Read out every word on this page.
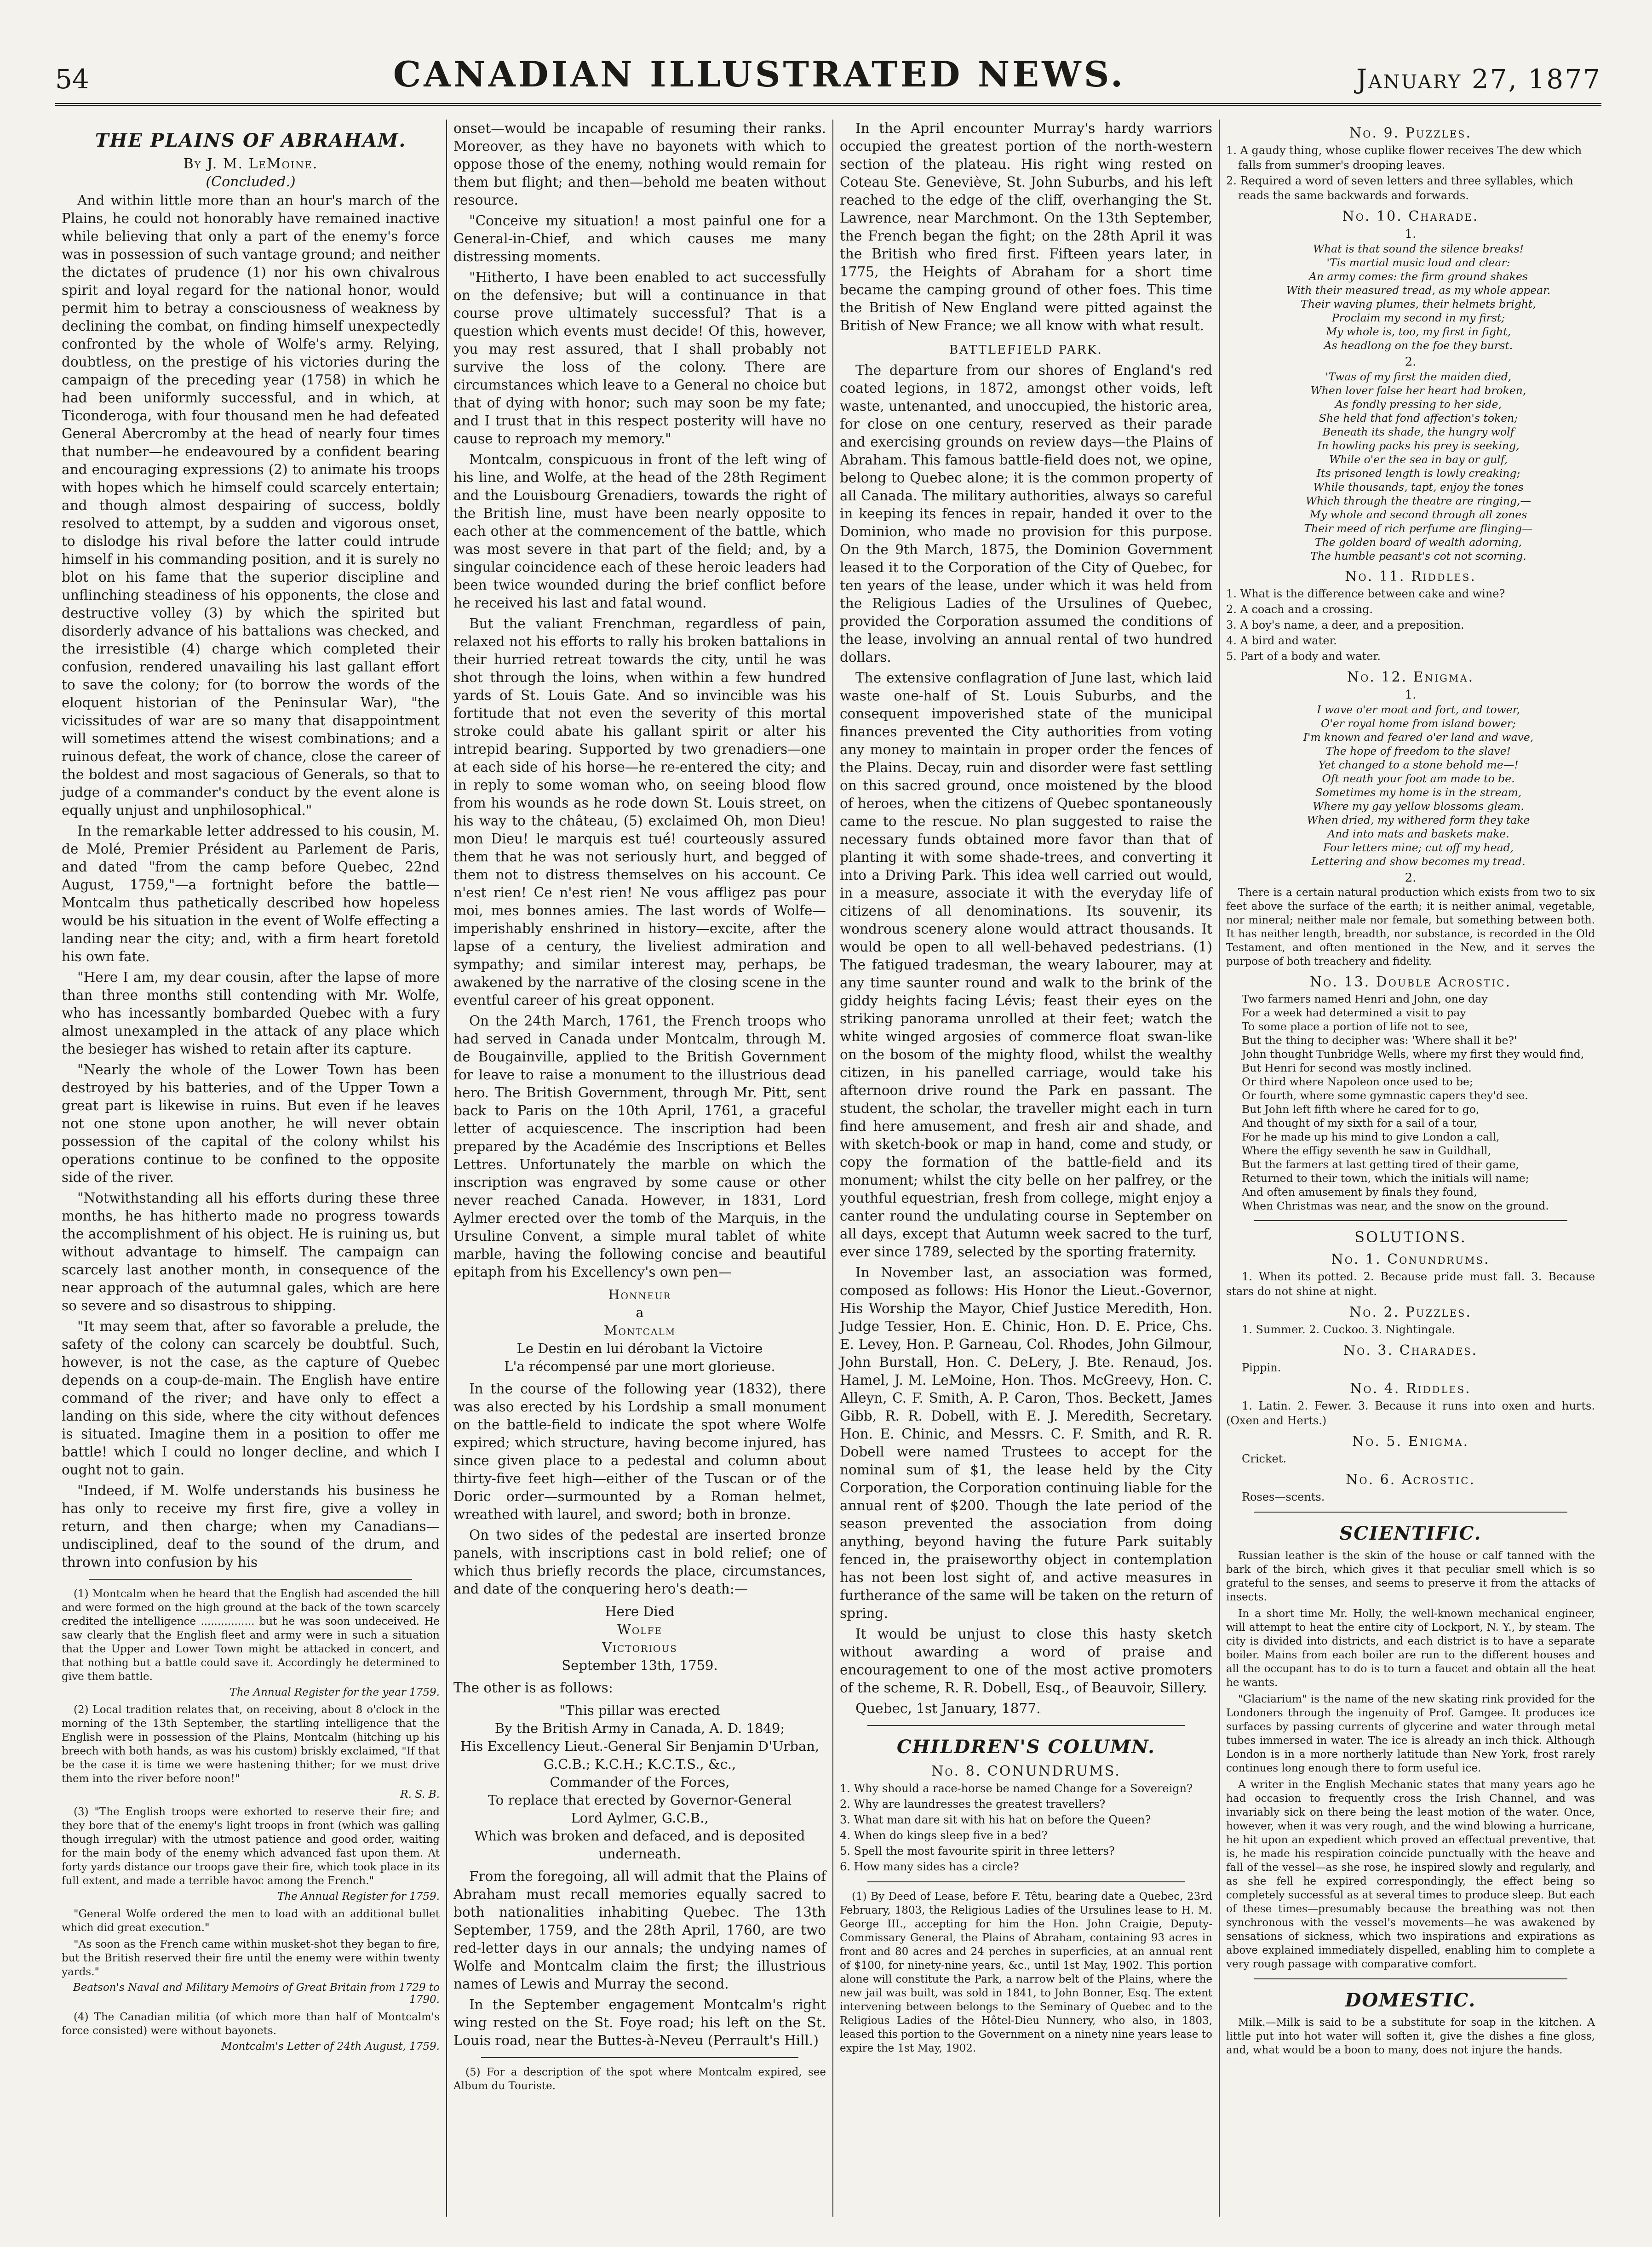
54	CANADIAN ILLUSTRATED NEWS.	January 27, 1877
THE PLAINS OF ABRAHAM.
By J. M. LeMoine.
(Concluded.)

And within little more than an hour's march of the Plains, he could not honorably have remained inactive while believing that only a part of the enemy's force was in possession of such vantage ground; and neither the dictates of prudence (1) nor his own chivalrous spirit and loyal regard for the national honor, would permit him to betray a consciousness of weakness by declining the combat, on finding himself unexpectedly confronted by the whole of Wolfe's army. Relying, doubtless, on the prestige of his victories during the campaign of the preceding year (1758) in which he had been uniformly successful, and in which, at Ticonderoga, with four thousand men he had defeated General Abercromby at the head of nearly four times that number—he endeavoured by a confident bearing and encouraging expressions (2) to animate his troops with hopes which he himself could scarcely entertain; and though almost despairing of success, boldly resolved to attempt, by a sudden and vigorous onset, to dislodge his rival before the latter could intrude himself in his commanding position, and it is surely no blot on his fame that the superior discipline and unflinching steadiness of his opponents, the close and destructive volley (3) by which the spirited but disorderly advance of his battalions was checked, and the irresistible (4) charge which completed their confusion, rendered unavailing his last gallant effort to save the colony; for (to borrow the words of the eloquent historian of the Peninsular War), "the vicissitudes of war are so many that disappointment will sometimes attend the wisest combinations; and a ruinous defeat, the work of chance, close the career of the boldest and most sagacious of Generals, so that to judge of a commander's conduct by the event alone is equally unjust and unphilosophical."

In the remarkable letter addressed to his cousin, M. de Molé, Premier Président au Parlement de Paris, and dated "from the camp before Quebec, 22nd August, 1759,"—a fortnight before the battle—Montcalm thus pathetically described how hopeless would be his situation in the event of Wolfe effecting a landing near the city; and, with a firm heart foretold his own fate.

"Here I am, my dear cousin, after the lapse of more than three months still contending with Mr. Wolfe, who has incessantly bombarded Quebec with a fury almost unexampled in the attack of any place which the besieger has wished to retain after its capture.

"Nearly the whole of the Lower Town has been destroyed by his batteries, and of the Upper Town a great part is likewise in ruins. But even if he leaves not one stone upon another, he will never obtain possession of the capital of the colony whilst his operations continue to be confined to the opposite side of the river.

"Notwithstanding all his efforts during these three months, he has hitherto made no progress towards the accomplishment of his object. He is ruining us, but without advantage to himself. The campaign can scarcely last another month, in consequence of the near approach of the autumnal gales, which are here so severe and so disastrous to shipping.

"It may seem that, after so favorable a prelude, the safety of the colony can scarcely be doubtful. Such, however, is not the case, as the capture of Quebec depends on a coup-de-main. The English have entire command of the river; and have only to effect a landing on this side, where the city without defences is situated. Imagine them in a position to offer me battle! which I could no longer decline, and which I ought not to gain.

"Indeed, if M. Wolfe understands his business he has only to receive my first fire, give a volley in return, and then charge; when my Canadians—undisciplined, deaf to the sound of the drum, and thrown into confusion by his

(1) Montcalm when he heard that the English had ascended the hill and were formed on the high ground at the back of the town scarcely credited the intelligence ................ but he was soon undeceived. He saw clearly that the English fleet and army were in such a situation that the Upper and Lower Town might be attacked in concert, and that nothing but a battle could save it. Accordingly he determined to give them battle.

The Annual Register for the year 1759.

(2) Local tradition relates that, on receiving, about 8 o'clock in the morning of the 13th September, the startling intelligence that the English were in possession of the Plains, Montcalm (hitching up his breech with both hands, as was his custom) briskly exclaimed, "If that be the case it is time we were hastening thither; for we must drive them into the river before noon!"

R. S. B.

(3) "The English troops were exhorted to reserve their fire; and they bore that of the enemy's light troops in front (which was galling though irregular) with the utmost patience and good order, waiting for the main body of the enemy which advanced fast upon them. At forty yards distance our troops gave their fire, which took place in its full extent, and made a terrible havoc among the French."

The Annual Register for 1759.

"General Wolfe ordered the men to load with an additional bullet which did great execution."

"As soon as the French came within musket-shot they began to fire, but the British reserved their fire until the enemy were within twenty yards."

Beatson's Naval and Military Memoirs of Great Britain from 1729 to 1790.

(4) The Canadian militia (of which more than half of Montcalm's force consisted) were without bayonets.

Montcalm's Letter of 24th August, 1759.

onset—would be incapable of resuming their ranks. Moreover, as they have no bayonets with which to oppose those of the enemy, nothing would remain for them but flight; and then—behold me beaten without resource.

"Conceive my situation! a most painful one for a General-in-Chief, and which causes me many distressing moments.

"Hitherto, I have been enabled to act successfully on the defensive; but will a continuance in that course prove ultimately successful? That is a question which events must decide! Of this, however, you may rest assured, that I shall probably not survive the loss of the colony. There are circumstances which leave to a General no choice but that of dying with honor; such may soon be my fate; and I trust that in this respect posterity will have no cause to reproach my memory."

Montcalm, conspicuous in front of the left wing of his line, and Wolfe, at the head of the 28th Regiment and the Louisbourg Grenadiers, towards the right of the British line, must have been nearly opposite to each other at the commencement of the battle, which was most severe in that part of the field; and, by a singular coincidence each of these heroic leaders had been twice wounded during the brief conflict before he received his last and fatal wound.

But the valiant Frenchman, regardless of pain, relaxed not his efforts to rally his broken battalions in their hurried retreat towards the city, until he was shot through the loins, when within a few hundred yards of St. Louis Gate. And so invincible was his fortitude that not even the severity of this mortal stroke could abate his gallant spirit or alter his intrepid bearing. Supported by two grenadiers—one at each side of his horse—he re-entered the city; and in reply to some woman who, on seeing blood flow from his wounds as he rode down St. Louis street, on his way to the château, (5) exclaimed Oh, mon Dieu! mon Dieu! le marquis est tué! courteously assured them that he was not seriously hurt, and begged of them not to distress themselves on his account. Ce n'est rien! Ce n'est rien! Ne vous affligez pas pour moi, mes bonnes amies. The last words of Wolfe—imperishably enshrined in history—excite, after the lapse of a century, the liveliest admiration and sympathy; and similar interest may, perhaps, be awakened by the narrative of the closing scene in the eventful career of his great opponent.

On the 24th March, 1761, the French troops who had served in Canada under Montcalm, through M. de Bougainville, applied to the British Government for leave to raise a monument to the illustrious dead hero. The British Government, through Mr. Pitt, sent back to Paris on the 10th April, 1761, a graceful letter of acquiescence. The inscription had been prepared by the Académie des Inscriptions et Belles Lettres. Unfortunately the marble on which the inscription was engraved by some cause or other never reached Canada. However, in 1831, Lord Aylmer erected over the tomb of the Marquis, in the Ursuline Convent, a simple mural tablet of white marble, having the following concise and beautiful epitaph from his Excellency's own pen—

Honneur
a
Montcalm
Le Destin en lui dérobant la Victoire
L'a récompensé par une mort glorieuse.

In the course of the following year (1832), there was also erected by his Lordship a small monument on the battle-field to indicate the spot where Wolfe expired; which structure, having become injured, has since given place to a pedestal and column about thirty-five feet high—either of the Tuscan or of the Doric order—surmounted by a Roman helmet, wreathed with laurel, and sword; both in bronze.

On two sides of the pedestal are inserted bronze panels, with inscriptions cast in bold relief; one of which thus briefly records the place, circumstances, and date of the conquering hero's death:—

Here Died
Wolfe
Victorious
September 13th, 1759.

The other is as follows:

"This pillar was erected
By the British Army in Canada, A. D. 1849;
His Excellency Lieut.-General Sir Benjamin D'Urban,
G.C.B.; K.C.H.; K.C.T.S., &c.,
Commander of the Forces,
To replace that erected by Governor-General
Lord Aylmer, G.C.B.,
Which was broken and defaced, and is deposited underneath.

From the foregoing, all will admit that the Plains of Abraham must recall memories equally sacred to both nationalities inhabiting Quebec. The 13th September, 1759, and the 28th April, 1760, are two red-letter days in our annals; the undying names of Wolfe and Montcalm claim the first; the illustrious names of Lewis and Murray the second.

In the September engagement Montcalm's right wing rested on the St. Foye road; his left on the St. Louis road, near the Buttes-à-Neveu (Perrault's Hill.)

(5) For a description of the spot where Montcalm expired, see Album du Touriste.

In the April encounter Murray's hardy warriors occupied the greatest portion of the north-western section of the plateau. His right wing rested on Coteau Ste. Geneviève, St. John Suburbs, and his left reached to the edge of the cliff, overhanging the St. Lawrence, near Marchmont. On the 13th September, the French began the fight; on the 28th April it was the British who fired first. Fifteen years later, in 1775, the Heights of Abraham for a short time became the camping ground of other foes. This time the British of New England were pitted against the British of New France; we all know with what result.

BATTLEFIELD PARK.

The departure from our shores of England's red coated legions, in 1872, amongst other voids, left waste, untenanted, and unoccupied, the historic area, for close on one century, reserved as their parade and exercising grounds on review days—the Plains of Abraham. This famous battle-field does not, we opine, belong to Quebec alone; it is the common property of all Canada. The military authorities, always so careful in keeping its fences in repair, handed it over to the Dominion, who made no provision for this purpose. On the 9th March, 1875, the Dominion Government leased it to the Corporation of the City of Quebec, for ten years of the lease, under which it was held from the Religious Ladies of the Ursulines of Quebec, provided the Corporation assumed the conditions of the lease, involving an annual rental of two hundred dollars.

The extensive conflagration of June last, which laid waste one-half of St. Louis Suburbs, and the consequent impoverished state of the municipal finances prevented the City authorities from voting any money to maintain in proper order the fences of the Plains. Decay, ruin and disorder were fast settling on this sacred ground, once moistened by the blood of heroes, when the citizens of Quebec spontaneously came to the rescue. No plan suggested to raise the necessary funds obtained more favor than that of planting it with some shade-trees, and converting it into a Driving Park. This idea well carried out would, in a measure, associate it with the everyday life of citizens of all denominations. Its souvenir, its wondrous scenery alone would attract thousands. It would be open to all well-behaved pedestrians. (1) The fatigued tradesman, the weary labourer, may at any time saunter round and walk to the brink of the giddy heights facing Lévis; feast their eyes on the striking panorama unrolled at their feet; watch the white winged argosies of commerce float swan-like on the bosom of the mighty flood, whilst the wealthy citizen, in his panelled carriage, would take his afternoon drive round the Park en passant. The student, the scholar, the traveller might each in turn find here amusement, and fresh air and shade, and with sketch-book or map in hand, come and study, or copy the formation of the battle-field and its monument; whilst the city belle on her palfrey, or the youthful equestrian, fresh from college, might enjoy a canter round the undulating course in September on all days, except that Autumn week sacred to the turf, ever since 1789, selected by the sporting fraternity.

In November last, an association was formed, composed as follows: His Honor the Lieut.-Governor, His Worship the Mayor, Chief Justice Meredith, Hon. Judge Tessier, Hon. E. Chinic, Hon. D. E. Price, Chs. E. Levey, Hon. P. Garneau, Col. Rhodes, John Gilmour, John Burstall, Hon. C. DeLery, J. Bte. Renaud, Jos. Hamel, J. M. LeMoine, Hon. Thos. McGreevy, Hon. C. Alleyn, C. F. Smith, A. P. Caron, Thos. Beckett, James Gibb, R. R. Dobell, with E. J. Meredith, Secretary. Hon. E. Chinic, and Messrs. C. F. Smith, and R. R. Dobell were named Trustees to accept for the nominal sum of $1, the lease held by the City Corporation, the Corporation continuing liable for the annual rent of $200. Though the late period of the season prevented the association from doing anything, beyond having the future Park suitably fenced in, the praiseworthy object in contemplation has not been lost sight of, and active measures in furtherance of the same will be taken on the return of spring.

It would be unjust to close this hasty sketch without awarding a word of praise and encouragement to one of the most active promoters of the scheme, R. R. Dobell, Esq., of Beauvoir, Sillery.

Quebec, 1st January, 1877.

CHILDREN'S COLUMN.
No. 8. CONUNDRUMS.

1. Why should a race-horse be named Change for a Sovereign?

2. Why are laundresses the greatest travellers?

3. What man dare sit with his hat on before the Queen?

4. When do kings sleep five in a bed?

5. Spell the most favourite spirit in three letters?

6. How many sides has a circle?

(1) By Deed of Lease, before F. Têtu, bearing date a Quebec, 23rd February, 1803, the Religious Ladies of the Ursulines lease to H. M. George III., accepting for him the Hon. John Craigie, Deputy-Commissary General, the Plains of Abraham, containing 93 acres in front and 80 acres and 24 perches in superficies, at an annual rent of $100, for ninety-nine years, &c., until 1st May, 1902. This portion alone will constitute the Park, a narrow belt of the Plains, where the new jail was built, was sold in 1841, to John Bonner, Esq. The extent intervening between belongs to the Seminary of Quebec and to the Religious Ladies of the Hôtel-Dieu Nunnery, who also, in 1803, leased this portion to the Government on a ninety nine years lease to expire the 1st May, 1902.

No. 9. Puzzles.

1. A gaudy thing, whose cuplike flower receives The dew which falls from summer's drooping leaves.

2. Required a word of seven letters and three syllables, which reads the same backwards and forwards.

No. 10. Charade.
1.

What is that sound the silence breaks!

'Tis martial music loud and clear:

An army comes: the firm ground shakes

With their measured tread, as my whole appear.

Their waving plumes, their helmets bright,

Proclaim my second in my first;

My whole is, too, my first in fight,

As headlong on the foe they burst.

2.

'Twas of my first the maiden died,

When lover false her heart had broken,

As fondly pressing to her side,

She held that fond affection's token;

Beneath its shade, the hungry wolf

In howling packs his prey is seeking,

While o'er the sea in bay or gulf,

Its prisoned length is lowly creaking;

While thousands, tapt, enjoy the tones

Which through the theatre are ringing,—

My whole and second through all zones

Their meed of rich perfume are flinging—

The golden board of wealth adorning,

The humble peasant's cot not scorning.

No. 11. Riddles.

1. What is the difference between cake and wine?

2. A coach and a crossing.

3. A boy's name, a deer, and a preposition.

4. A bird and water.

5. Part of a body and water.

No. 12. Enigma.
1.

I wave o'er moat and fort, and tower,

O'er royal home from island bower;

I'm known and feared o'er land and wave,

The hope of freedom to the slave!

Yet changed to a stone behold me—!

Oft neath your foot am made to be.

Sometimes my home is in the stream,

Where my gay yellow blossoms gleam.

When dried, my withered form they take

And into mats and baskets make.

Four letters mine; cut off my head,

Lettering and show becomes my tread.

2.

There is a certain natural production which exists from two to six feet above the surface of the earth; it is neither animal, vegetable, nor mineral; neither male nor female, but something between both. It has neither length, breadth, nor substance, is recorded in the Old Testament, and often mentioned in the New, and it serves the purpose of both treachery and fidelity.

No. 13. Double Acrostic.

Two farmers named Henri and John, one day

For a week had determined a visit to pay

To some place a portion of life not to see,

But the thing to decipher was: 'Where shall it be?'

John thought Tunbridge Wells, where my first they would find,

But Henri for second was mostly inclined.

Or third where Napoleon once used to be;

Or fourth, where some gymnastic capers they'd see.

But John left fifth where he cared for to go,

And thought of my sixth for a sail of a tour,

For he made up his mind to give London a call,

Where the effigy seventh he saw in Guildhall,

But the farmers at last getting tired of their game,

Returned to their town, which the initials will name;

And often amusement by finals they found,

When Christmas was near, and the snow on the ground.

SOLUTIONS.
No. 1. Conundrums.

1. When its potted. 2. Because pride must fall. 3. Because stars do not shine at night.

No. 2. Puzzles.

1. Summer. 2. Cuckoo. 3. Nightingale.

No. 3. Charades.

Pippin.

No. 4. Riddles.

1. Latin. 2. Fewer. 3. Because it runs into oxen and hurts. (Oxen and Herts.)

No. 5. Enigma.

Cricket.

No. 6. Acrostic.

Roses—scents.

SCIENTIFIC.

Russian leather is the skin of the house or calf tanned with the bark of the birch, which gives it that peculiar smell which is so grateful to the senses, and seems to preserve it from the attacks of insects.

In a short time Mr. Holly, the well-known mechanical engineer, will attempt to heat the entire city of Lockport, N. Y., by steam. The city is divided into districts, and each district is to have a separate boiler. Mains from each boiler are run to the different houses and all the occupant has to do is to turn a faucet and obtain all the heat he wants.

"Glaciarium" is the name of the new skating rink provided for the Londoners through the ingenuity of Prof. Gamgee. It produces ice surfaces by passing currents of glycerine and water through metal tubes immersed in water. The ice is already an inch thick. Although London is in a more northerly latitude than New York, frost rarely continues long enough there to form useful ice.

A writer in the English Mechanic states that many years ago he had occasion to frequently cross the Irish Channel, and was invariably sick on there being the least motion of the water. Once, however, when it was very rough, and the wind blowing a hurricane, he hit upon an expedient which proved an effectual preventive, that is, he made his respiration coincide punctually with the heave and fall of the vessel—as she rose, he inspired slowly and regularly, and as she fell he expired correspondingly, the effect being so completely successful as at several times to produce sleep. But each of these times—presumably because the breathing was not then synchronous with the vessel's movements—he was awakened by sensations of sickness, which two inspirations and expirations as above explained immediately dispelled, enabling him to complete a very rough passage with comparative comfort.

DOMESTIC.

Milk.—Milk is said to be a substitute for soap in the kitchen. A little put into hot water will soften it, give the dishes a fine gloss, and, what would be a boon to many, does not injure the hands.
